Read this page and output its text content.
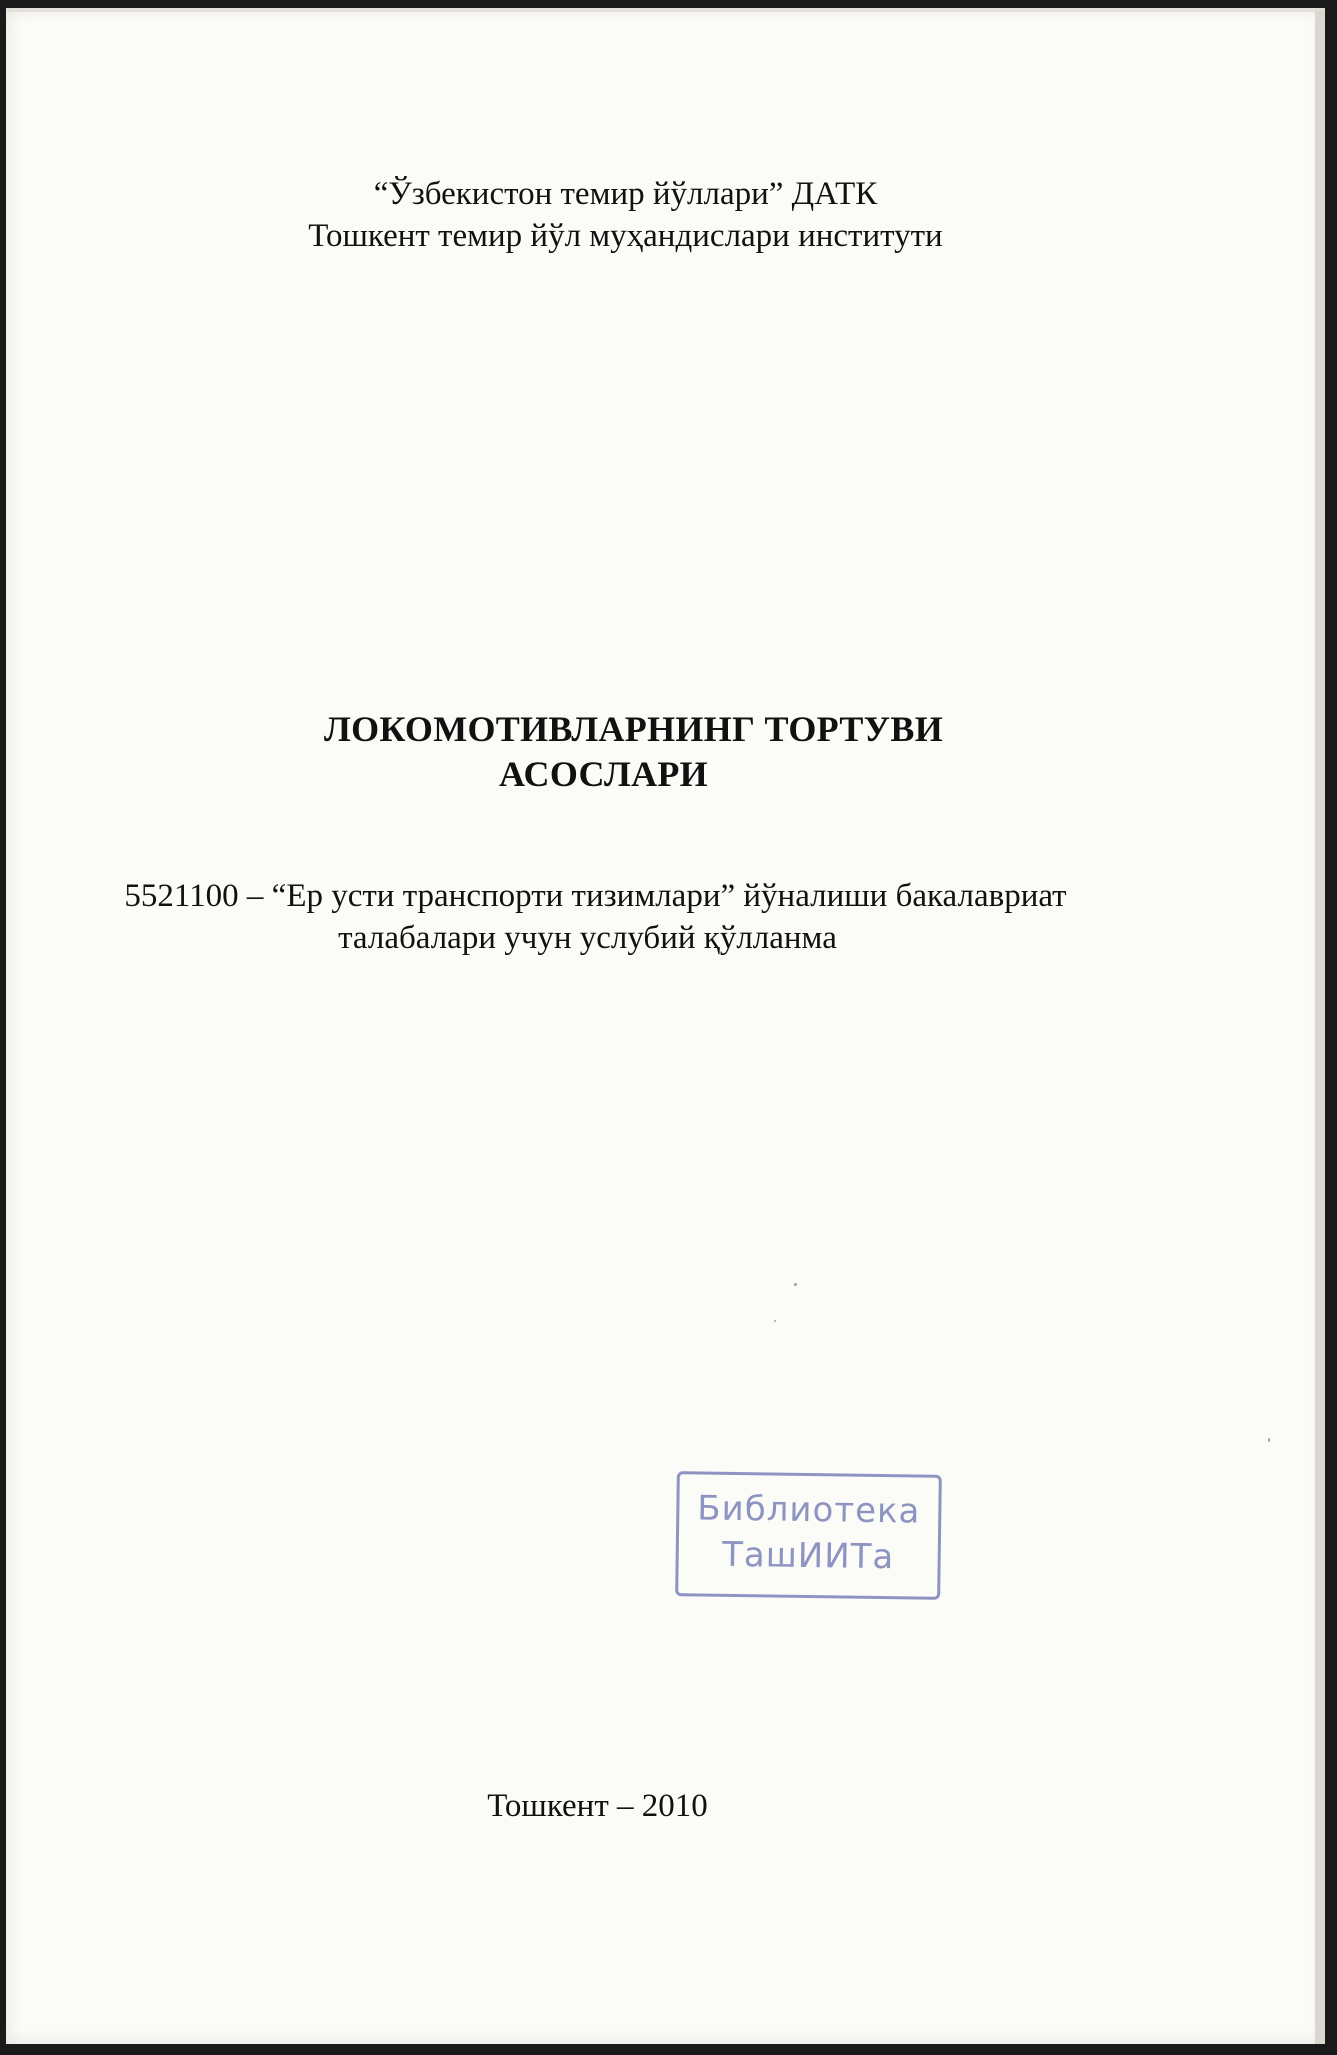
“Ўзбекистон темир йўллари” ДАТК
Тошкент темир йўл муҳандислари институти
ЛОКОМОТИВЛАРНИНГ ТОРТУВИ
АСОСЛАРИ
5521100 – “Ер усти транспорти тизимлари” йўналиши бакалавриат
талабалари учун услубий қўлланма
Библиотека
ТашИИТа
Тошкент – 2010
